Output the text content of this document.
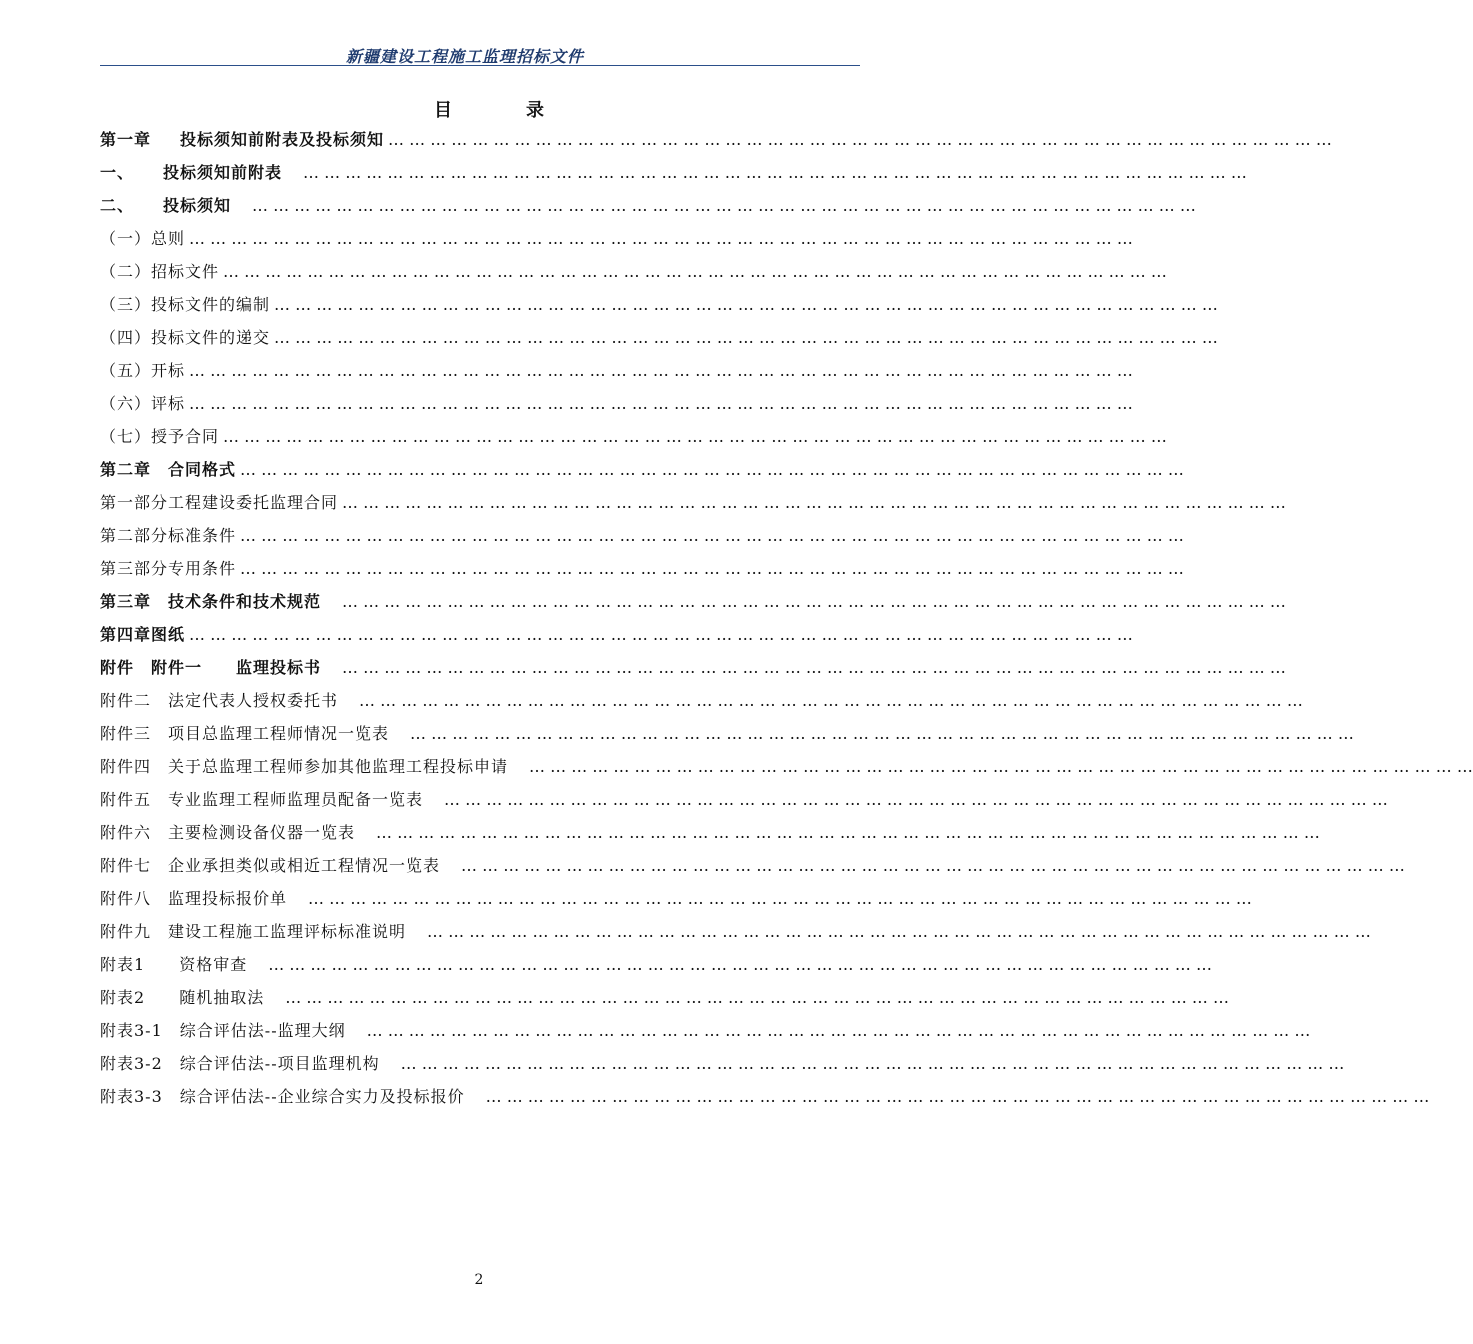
新疆建设工程施工监理招标文件
目　录
第一章 　投标须知前附表及投标须知 … … … … … … … … … … … … … … … … … … … … … … … … … … … … … … … … … … … … … … … … … … … … …
一、 　投标须知前附表　 … … … … … … … … … … … … … … … … … … … … … … … … … … … … … … … … … … … … … … … … … … … … …
二、 　投标须知　 … … … … … … … … … … … … … … … … … … … … … … … … … … … … … … … … … … … … … … … … … … … … …
（一） 总则 … … … … … … … … … … … … … … … … … … … … … … … … … … … … … … … … … … … … … … … … … … … … …
（二） 招标文件 … … … … … … … … … … … … … … … … … … … … … … … … … … … … … … … … … … … … … … … … … … … … …
（三） 投标文件的编制 … … … … … … … … … … … … … … … … … … … … … … … … … … … … … … … … … … … … … … … … … … … … …
（四） 投标文件的递交 … … … … … … … … … … … … … … … … … … … … … … … … … … … … … … … … … … … … … … … … … … … … …
（五） 开标 … … … … … … … … … … … … … … … … … … … … … … … … … … … … … … … … … … … … … … … … … … … … …
（六） 评标 … … … … … … … … … … … … … … … … … … … … … … … … … … … … … … … … … … … … … … … … … … … … …
（七） 授予合同 … … … … … … … … … … … … … … … … … … … … … … … … … … … … … … … … … … … … … … … … … … … … …
第二章 　合同格式 … … … … … … … … … … … … … … … … … … … … … … … … … … … … … … … … … … … … … … … … … … … … …
第一部分 工程建设委托监理合同 … … … … … … … … … … … … … … … … … … … … … … … … … … … … … … … … … … … … … … … … … … … … …
第二部分 标准条件 … … … … … … … … … … … … … … … … … … … … … … … … … … … … … … … … … … … … … … … … … … … … …
第三部分 专用条件 … … … … … … … … … … … … … … … … … … … … … … … … … … … … … … … … … … … … … … … … … … … … …
第三章 　技术条件和技术规范　 … … … … … … … … … … … … … … … … … … … … … … … … … … … … … … … … … … … … … … … … … … … … …
第四章 图纸 … … … … … … … … … … … … … … … … … … … … … … … … … … … … … … … … … … … … … … … … … … … … …
附件 　附件一　　监理投标书　 … … … … … … … … … … … … … … … … … … … … … … … … … … … … … … … … … … … … … … … … … … … … …
附件二 　法定代表人授权委托书　 … … … … … … … … … … … … … … … … … … … … … … … … … … … … … … … … … … … … … … … … … … … … …
附件三 　项目总监理工程师情况一览表　 … … … … … … … … … … … … … … … … … … … … … … … … … … … … … … … … … … … … … … … … … … … … …
附件四 　关于总监理工程师参加其他监理工程投标申请　 … … … … … … … … … … … … … … … … … … … … … … … … … … … … … … … … … … … … … … … … … … … … …
附件五 　专业监理工程师监理员配备一览表　 … … … … … … … … … … … … … … … … … … … … … … … … … … … … … … … … … … … … … … … … … … … … …
附件六 　主要检测设备仪器一览表　 … … … … … … … … … … … … … … … … … … … … … … … … … … … … … … … … … … … … … … … … … … … … …
附件七 　企业承担类似或相近工程情况一览表　 … … … … … … … … … … … … … … … … … … … … … … … … … … … … … … … … … … … … … … … … … … … … …
附件八 　监理投标报价单　 … … … … … … … … … … … … … … … … … … … … … … … … … … … … … … … … … … … … … … … … … … … … …
附件九 　建设工程施工监理评标标准说明　 … … … … … … … … … … … … … … … … … … … … … … … … … … … … … … … … … … … … … … … … … … … … …
附表1 　　资格审查　 … … … … … … … … … … … … … … … … … … … … … … … … … … … … … … … … … … … … … … … … … … … … …
附表2 　　随机抽取法　 … … … … … … … … … … … … … … … … … … … … … … … … … … … … … … … … … … … … … … … … … … … … …
附表3-1 　综合评估法--监理大纲　 … … … … … … … … … … … … … … … … … … … … … … … … … … … … … … … … … … … … … … … … … … … … …
附表3-2 　综合评估法--项目监理机构　 … … … … … … … … … … … … … … … … … … … … … … … … … … … … … … … … … … … … … … … … … … … … …
附表3-3 　综合评估法--企业综合实力及投标报价　 … … … … … … … … … … … … … … … … … … … … … … … … … … … … … … … … … … … … … … … … … … … … …
2
